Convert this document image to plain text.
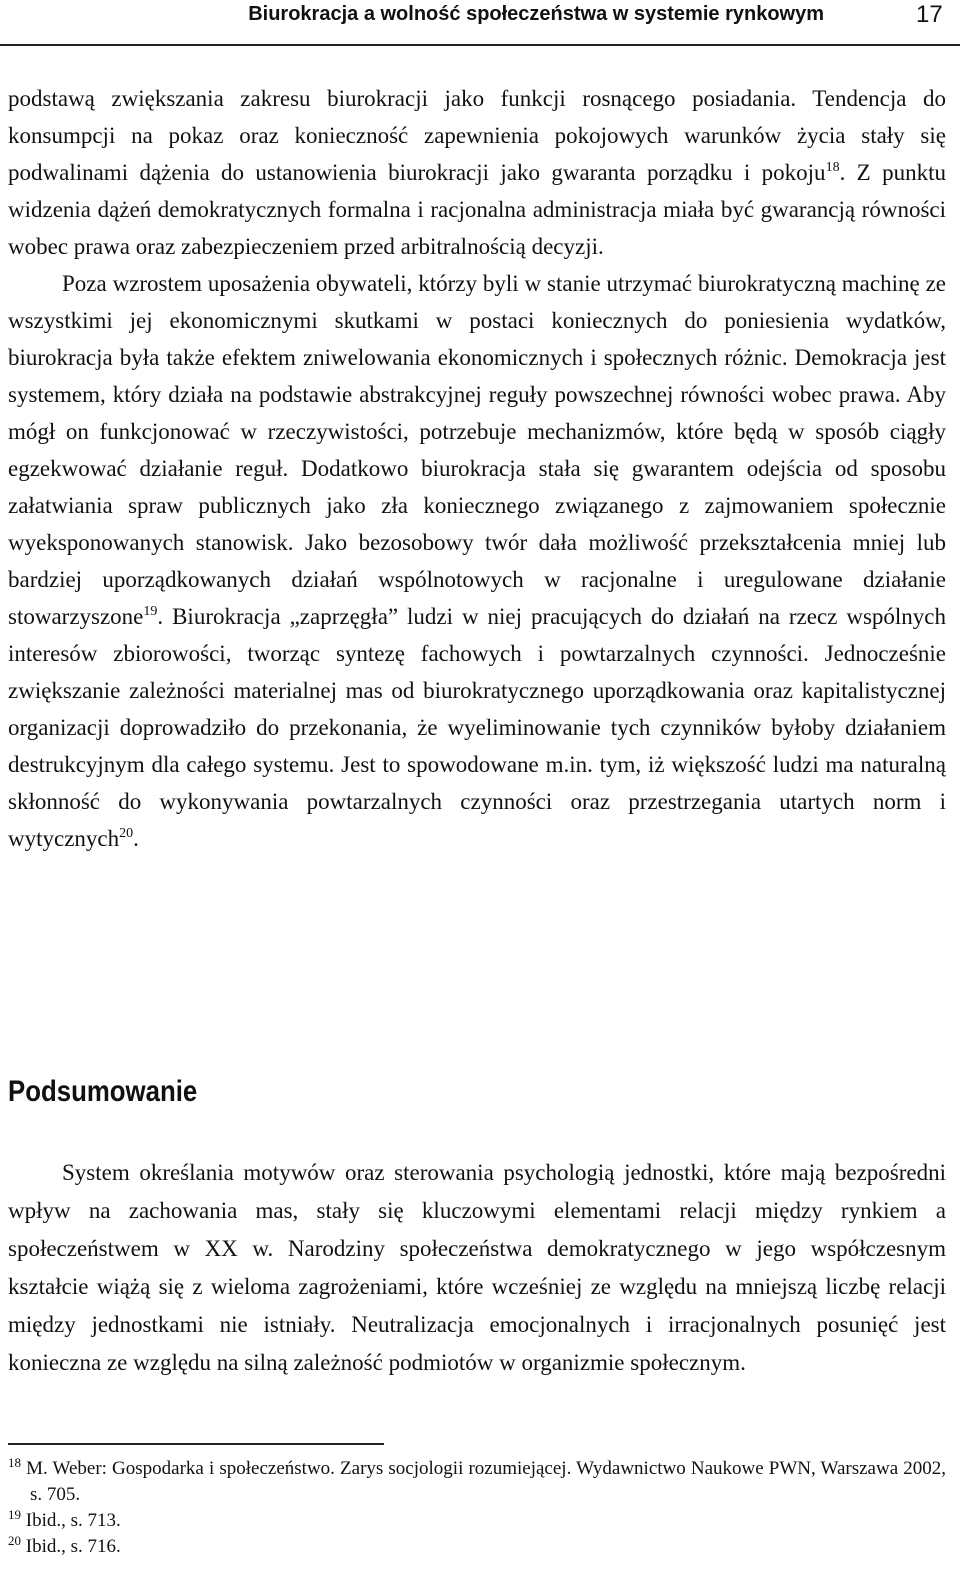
Biurokracja a wolność społeczeństwa w systemie rynkowym	17

podstawą zwiększania zakresu biurokracji jako funkcji rosnącego posiadania. Tendencja do konsumpcji na pokaz oraz konieczność zapewnienia pokojowych warunków życia stały się podwalinami dążenia do ustanowienia biurokracji jako gwaranta porządku i pokoju$^{18}$. Z punktu widzenia dążeń demokratycznych formalna i racjonalna administracja miała być gwarancją równości wobec prawa oraz zabezpieczeniem przed arbitralnością decyzji.

Poza wzrostem uposażenia obywateli, którzy byli w stanie utrzymać biurokratyczną machinę ze wszystkimi jej ekonomicznymi skutkami w postaci koniecznych do poniesienia wydatków, biurokracja była także efektem zniwelowania ekonomicznych i społecznych różnic. Demokracja jest systemem, który działa na podstawie abstrakcyjnej reguły powszechnej równości wobec prawa. Aby mógł on funkcjonować w rzeczywistości, potrzebuje mechanizmów, które będą w sposób ciągły egzekwować działanie reguł. Dodatkowo biurokracja stała się gwarantem odejścia od sposobu załatwiania spraw publicznych jako zła koniecznego związanego z zajmowaniem społecznie wyeksponowanych stanowisk. Jako bezosobowy twór dała możliwość przekształcenia mniej lub bardziej uporządkowanych działań wspólnotowych w racjonalne i uregulowane działanie stowarzyszone$^{19}$. Biurokracja „zaprzęgła” ludzi w niej pracujących do działań na rzecz wspólnych interesów zbiorowości, tworząc syntezę fachowych i powtarzalnych czynności. Jednocześnie zwiększanie zależności materialnej mas od biurokratycznego uporządkowania oraz kapitalistycznej organizacji doprowadziło do przekonania, że wyeliminowanie tych czynników byłoby działaniem destrukcyjnym dla całego systemu. Jest to spowodowane m.in. tym, iż większość ludzi ma naturalną skłonność do wykonywania powtarzalnych czynności oraz przestrzegania utartych norm i wytycznych$^{20}$.

Podsumowanie

System określania motywów oraz sterowania psychologią jednostki, które mają bezpośredni wpływ na zachowania mas, stały się kluczowymi elementami relacji między rynkiem a społeczeństwem w XX w. Narodziny społeczeństwa demokratycznego w jego współczesnym kształcie wiążą się z wieloma zagrożeniami, które wcześniej ze względu na mniejszą liczbę relacji między jednostkami nie istniały. Neutralizacja emocjonalnych i irracjonalnych posunięć jest konieczna ze względu na silną zależność podmiotów w organizmie społecznym.

$^{18}$ M. Weber: Gospodarka i społeczeństwo. Zarys socjologii rozumiejącej. Wydawnictwo Naukowe PWN, Warszawa 2002, s. 705.

$^{19}$ Ibid., s. 713.

$^{20}$ Ibid., s. 716.
